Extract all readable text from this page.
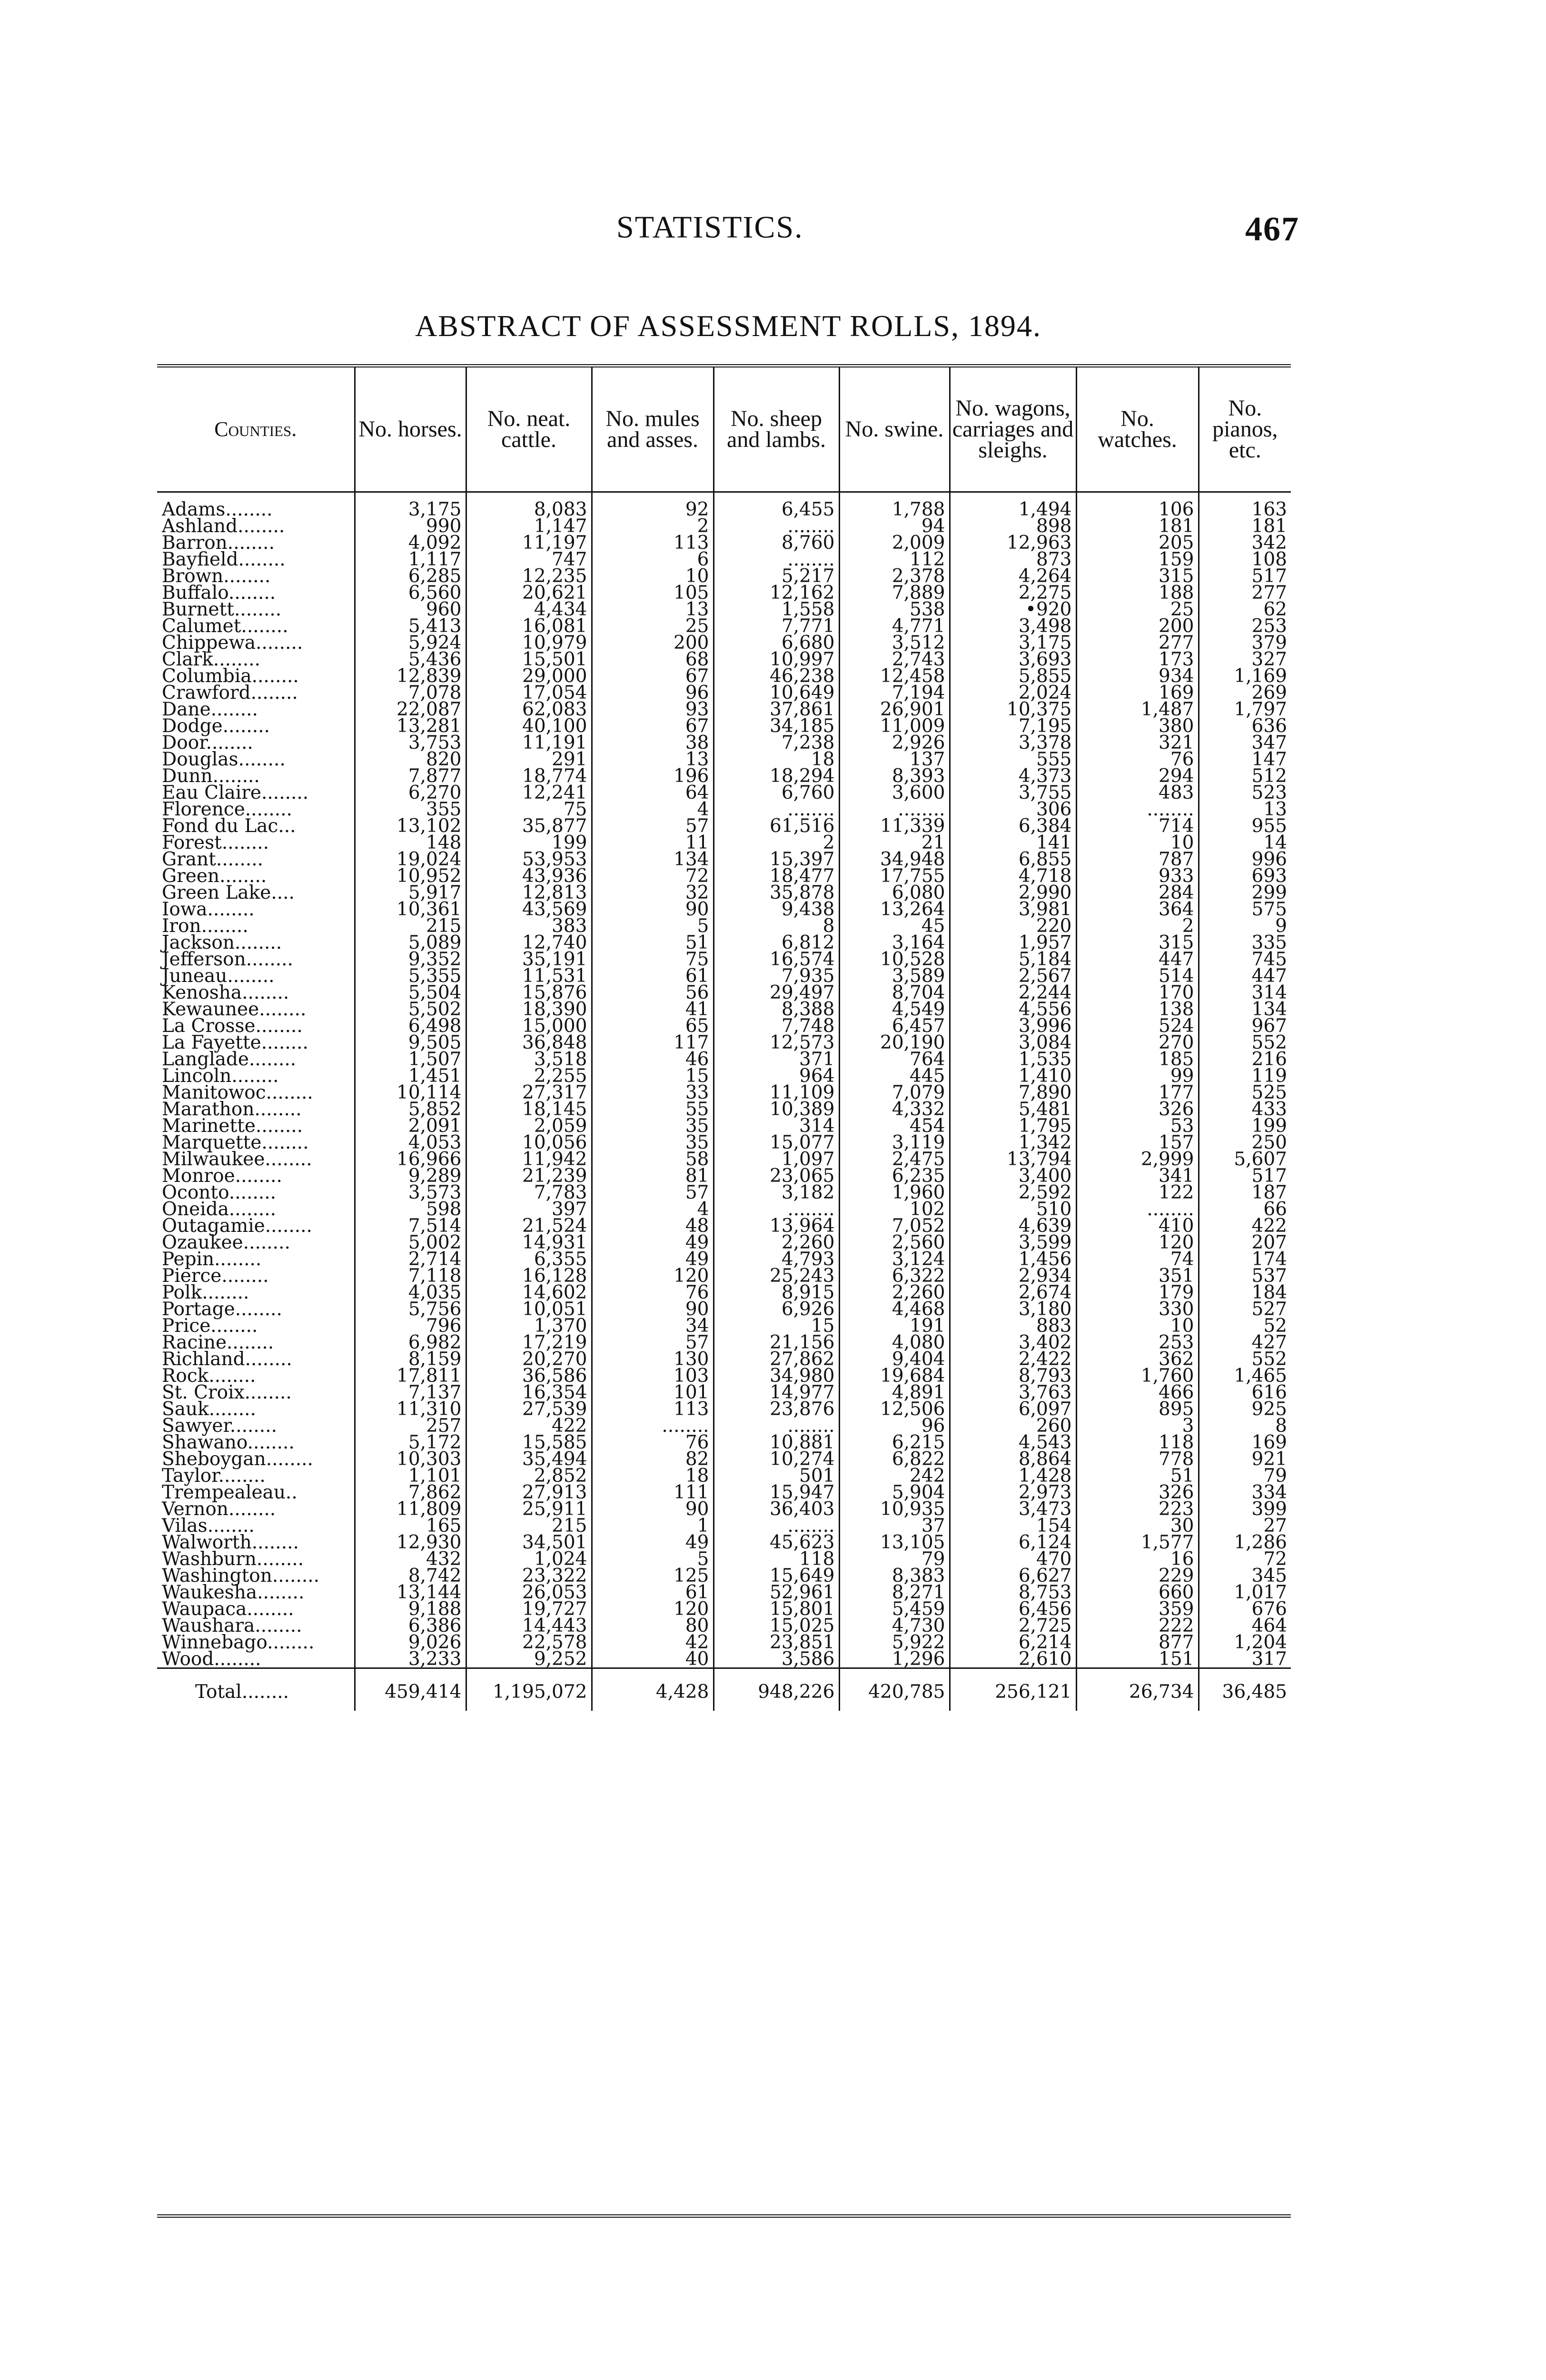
STATISTICS.	467
ABSTRACT OF ASSESSMENT ROLLS, 1894.
Counties.	No. horses.	No. neat. cattle.	No. mules and asses.	No. sheep and lambs.	No. swine.	No. wagons, carriages and sleighs.	No. watches.	No. pianos, etc.
Adams........	3,175	8,083	92	6,455	1,788	1,494	106	163
Ashland........	990	1,147	2	........	94	898	181	181
Barron........	4,092	11,197	113	8,760	2,009	12,963	205	342
Bayfield........	1,117	747	6	........	112	873	159	108
Brown........	6,285	12,235	10	5,217	2,378	4,264	315	517
Buffalo........	6,560	20,621	105	12,162	7,889	2,275	188	277
Burnett........	960	4,434	13	1,558	538	•920	25	62
Calumet........	5,413	16,081	25	7,771	4,771	3,498	200	253
Chippewa........	5,924	10,979	200	6,680	3,512	3,175	277	379
Clark........	5,436	15,501	68	10,997	2,743	3,693	173	327
Columbia........	12,839	29,000	67	46,238	12,458	5,855	934	1,169
Crawford........	7,078	17,054	96	10,649	7,194	2,024	169	269
Dane........	22,087	62,083	93	37,861	26,901	10,375	1,487	1,797
Dodge........	13,281	40,100	67	34,185	11,009	7,195	380	636
Door........	3,753	11,191	38	7,238	2,926	3,378	321	347
Douglas........	820	291	13	18	137	555	76	147
Dunn........	7,877	18,774	196	18,294	8,393	4,373	294	512
Eau Claire........	6,270	12,241	64	6,760	3,600	3,755	483	523
Florence........	355	75	4	........	........	306	........	13
Fond du Lac...	13,102	35,877	57	61,516	11,339	6,384	714	955
Forest........	148	199	11	2	21	141	10	14
Grant........	19,024	53,953	134	15,397	34,948	6,855	787	996
Green........	10,952	43,936	72	18,477	17,755	4,718	933	693
Green Lake....	5,917	12,813	32	35,878	6,080	2,990	284	299
Iowa........	10,361	43,569	90	9,438	13,264	3,981	364	575
Iron........	215	383	5	8	45	220	2	9
Jackson........	5,089	12,740	51	6,812	3,164	1,957	315	335
Jefferson........	9,352	35,191	75	16,574	10,528	5,184	447	745
Juneau........	5,355	11,531	61	7,935	3,589	2,567	514	447
Kenosha........	5,504	15,876	56	29,497	8,704	2,244	170	314
Kewaunee........	5,502	18,390	41	8,388	4,549	4,556	138	134
La Crosse........	6,498	15,000	65	7,748	6,457	3,996	524	967
La Fayette........	9,505	36,848	117	12,573	20,190	3,084	270	552
Langlade........	1,507	3,518	46	371	764	1,535	185	216
Lincoln........	1,451	2,255	15	964	445	1,410	99	119
Manitowoc........	10,114	27,317	33	11,109	7,079	7,890	177	525
Marathon........	5,852	18,145	55	10,389	4,332	5,481	326	433
Marinette........	2,091	2,059	35	314	454	1,795	53	199
Marquette........	4,053	10,056	35	15,077	3,119	1,342	157	250
Milwaukee........	16,966	11,942	58	1,097	2,475	13,794	2,999	5,607
Monroe........	9,289	21,239	81	23,065	6,235	3,400	341	517
Oconto........	3,573	7,783	57	3,182	1,960	2,592	122	187
Oneida........	598	397	4	........	102	510	........	66
Outagamie........	7,514	21,524	48	13,964	7,052	4,639	410	422
Ozaukee........	5,002	14,931	49	2,260	2,560	3,599	120	207
Pepin........	2,714	6,355	49	4,793	3,124	1,456	74	174
Pierce........	7,118	16,128	120	25,243	6,322	2,934	351	537
Polk........	4,035	14,602	76	8,915	2,260	2,674	179	184
Portage........	5,756	10,051	90	6,926	4,468	3,180	330	527
Price........	796	1,370	34	15	191	883	10	52
Racine........	6,982	17,219	57	21,156	4,080	3,402	253	427
Richland........	8,159	20,270	130	27,862	9,404	2,422	362	552
Rock........	17,811	36,586	103	34,980	19,684	8,793	1,760	1,465
St. Croix........	7,137	16,354	101	14,977	4,891	3,763	466	616
Sauk........	11,310	27,539	113	23,876	12,506	6,097	895	925
Sawyer........	257	422	........	........	96	260	3	8
Shawano........	5,172	15,585	76	10,881	6,215	4,543	118	169
Sheboygan........	10,303	35,494	82	10,274	6,822	8,864	778	921
Taylor........	1,101	2,852	18	501	242	1,428	51	79
Trempealeau..	7,862	27,913	111	15,947	5,904	2,973	326	334
Vernon........	11,809	25,911	90	36,403	10,935	3,473	223	399
Vilas........	165	215	1	........	37	154	30	27
Walworth........	12,930	34,501	49	45,623	13,105	6,124	1,577	1,286
Washburn........	432	1,024	5	118	79	470	16	72
Washington........	8,742	23,322	125	15,649	8,383	6,627	229	345
Waukesha........	13,144	26,053	61	52,961	8,271	8,753	660	1,017
Waupaca........	9,188	19,727	120	15,801	5,459	6,456	359	676
Waushara........	6,386	14,443	80	15,025	4,730	2,725	222	464
Winnebago........	9,026	22,578	42	23,851	5,922	6,214	877	1,204
Wood........	3,233	9,252	40	3,586	1,296	2,610	151	317
Total........	459,414	1,195,072	4,428	948,226	420,785	256,121	26,734	36,485
